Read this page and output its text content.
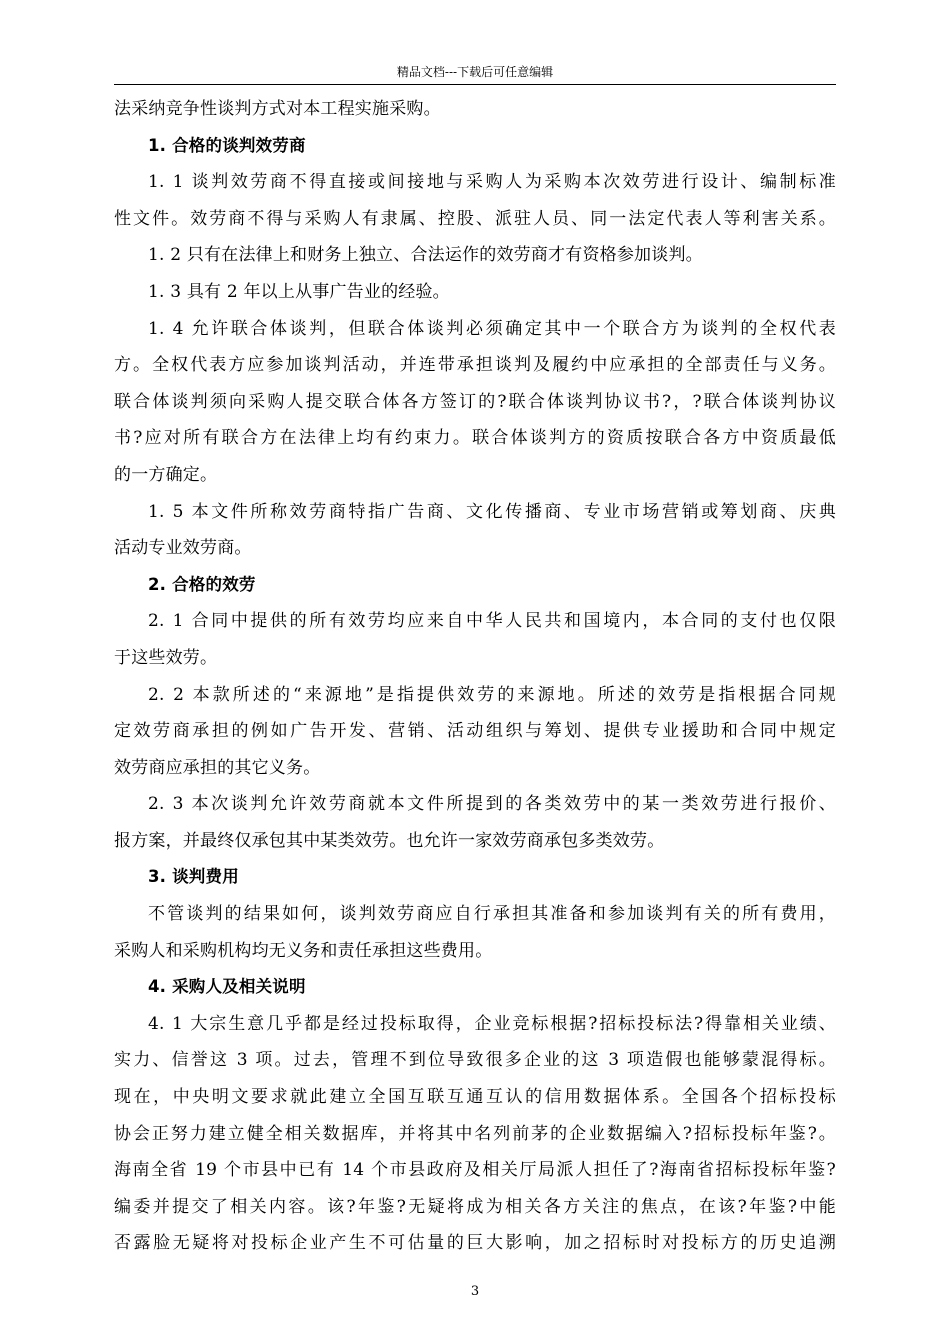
精品文档---下载后可任意编辑
法采纳竞争性谈判方式对本工程实施采购。
1. 合格的谈判效劳商
1. 1 谈判效劳商不得直接或间接地与采购人为采购本次效劳进行设计、编制标准
性文件。效劳商不得与采购人有隶属、控股、派驻人员、同一法定代表人等利害关系。
1. 2 只有在法律上和财务上独立、合法运作的效劳商才有资格参加谈判。
1. 3 具有 2 年以上从事广告业的经验。
1. 4 允许联合体谈判，但联合体谈判必须确定其中一个联合方为谈判的全权代表
方。全权代表方应参加谈判活动，并连带承担谈判及履约中应承担的全部责任与义务。
联合体谈判须向采购人提交联合体各方签订的?联合体谈判协议书?，?联合体谈判协议
书?应对所有联合方在法律上均有约束力。联合体谈判方的资质按联合各方中资质最低
的一方确定。
1. 5 本文件所称效劳商特指广告商、文化传播商、专业市场营销或筹划商、庆典
活动专业效劳商。
2. 合格的效劳
2. 1 合同中提供的所有效劳均应来自中华人民共和国境内，本合同的支付也仅限
于这些效劳。
2. 2 本款所述的“来源地”是指提供效劳的来源地。所述的效劳是指根据合同规
定效劳商承担的例如广告开发、营销、活动组织与筹划、提供专业援助和合同中规定
效劳商应承担的其它义务。
2. 3 本次谈判允许效劳商就本文件所提到的各类效劳中的某一类效劳进行报价、
报方案，并最终仅承包其中某类效劳。也允许一家效劳商承包多类效劳。
3. 谈判费用
不管谈判的结果如何，谈判效劳商应自行承担其准备和参加谈判有关的所有费用，
采购人和采购机构均无义务和责任承担这些费用。
4. 采购人及相关说明
4. 1 大宗生意几乎都是经过投标取得，企业竞标根据?招标投标法?得靠相关业绩、
实力、信誉这 3 项。过去，管理不到位导致很多企业的这 3 项造假也能够蒙混得标。
现在，中央明文要求就此建立全国互联互通互认的信用数据体系。全国各个招标投标
协会正努力建立健全相关数据库，并将其中名列前茅的企业数据编入?招标投标年鉴?。
海南全省 19 个市县中已有 14 个市县政府及相关厅局派人担任了?海南省招标投标年鉴?
编委并提交了相关内容。该?年鉴?无疑将成为相关各方关注的焦点，在该?年鉴?中能
否露脸无疑将对投标企业产生不可估量的巨大影响，加之招标时对投标方的历史追溯
3
